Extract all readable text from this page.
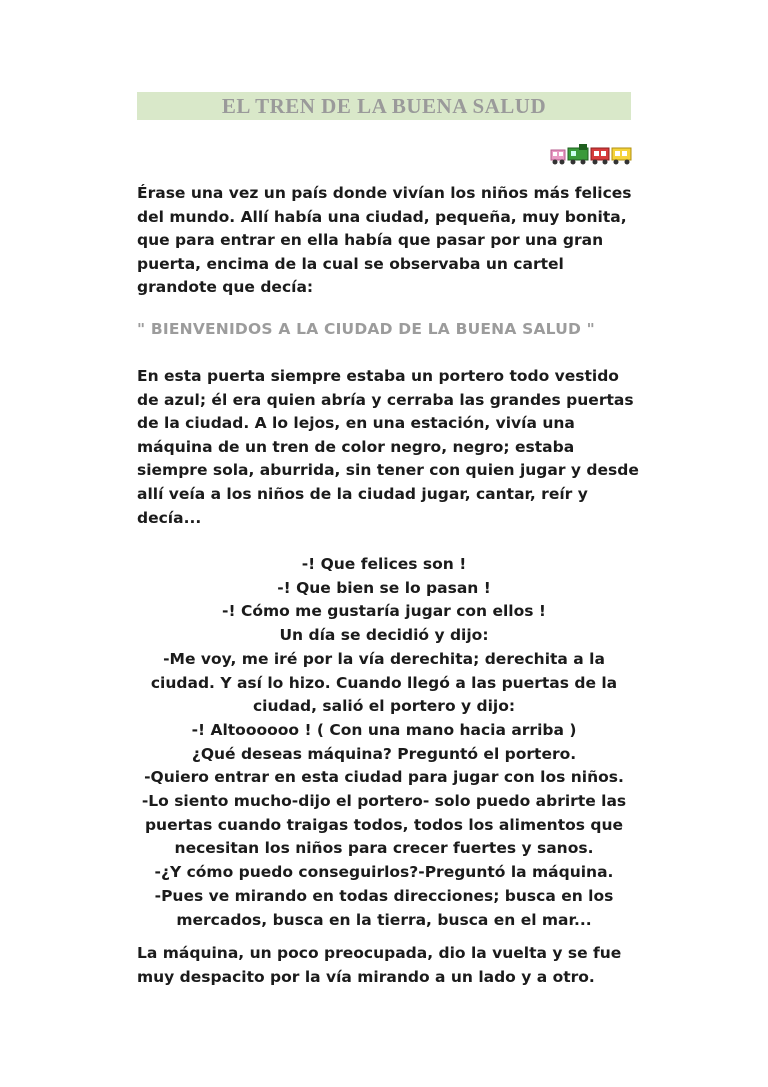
EL TREN DE LA BUENA SALUD
Érase una vez un país donde vivían los niños más felices
del mundo. Allí había una ciudad, pequeña, muy bonita,
que para entrar en ella había que pasar por una gran
puerta, encima de la cual se observaba un cartel
grandote que decía:
" BIENVENIDOS A LA CIUDAD DE LA BUENA SALUD "
En esta puerta siempre estaba un portero todo vestido
de azul; él era quien abría y cerraba las grandes puertas
de la ciudad. A lo lejos, en una estación, vivía una
máquina de un tren de color negro, negro; estaba
siempre sola, aburrida, sin tener con quien jugar y desde
allí veía a los niños de la ciudad jugar, cantar, reír y
decía...
-! Que felices son !
-! Que bien se lo pasan !
-! Cómo me gustaría jugar con ellos !
Un día se decidió y dijo:
-Me voy, me iré por la vía derechita; derechita a la
ciudad. Y así lo hizo. Cuando llegó a las puertas de la
ciudad, salió el portero y dijo:
-! Altoooooo ! ( Con una mano hacia arriba )
¿Qué deseas máquina? Preguntó el portero.
-Quiero entrar en esta ciudad para jugar con los niños.
-Lo siento mucho-dijo el portero- solo puedo abrirte las
puertas cuando traigas todos, todos los alimentos que
necesitan los niños para crecer fuertes y sanos.
-¿Y cómo puedo conseguirlos?-Preguntó la máquina.
-Pues ve mirando en todas direcciones; busca en los
mercados, busca en la tierra, busca en el mar...
La máquina, un poco preocupada, dio la vuelta y se fue
muy despacito por la vía mirando a un lado y a otro.
